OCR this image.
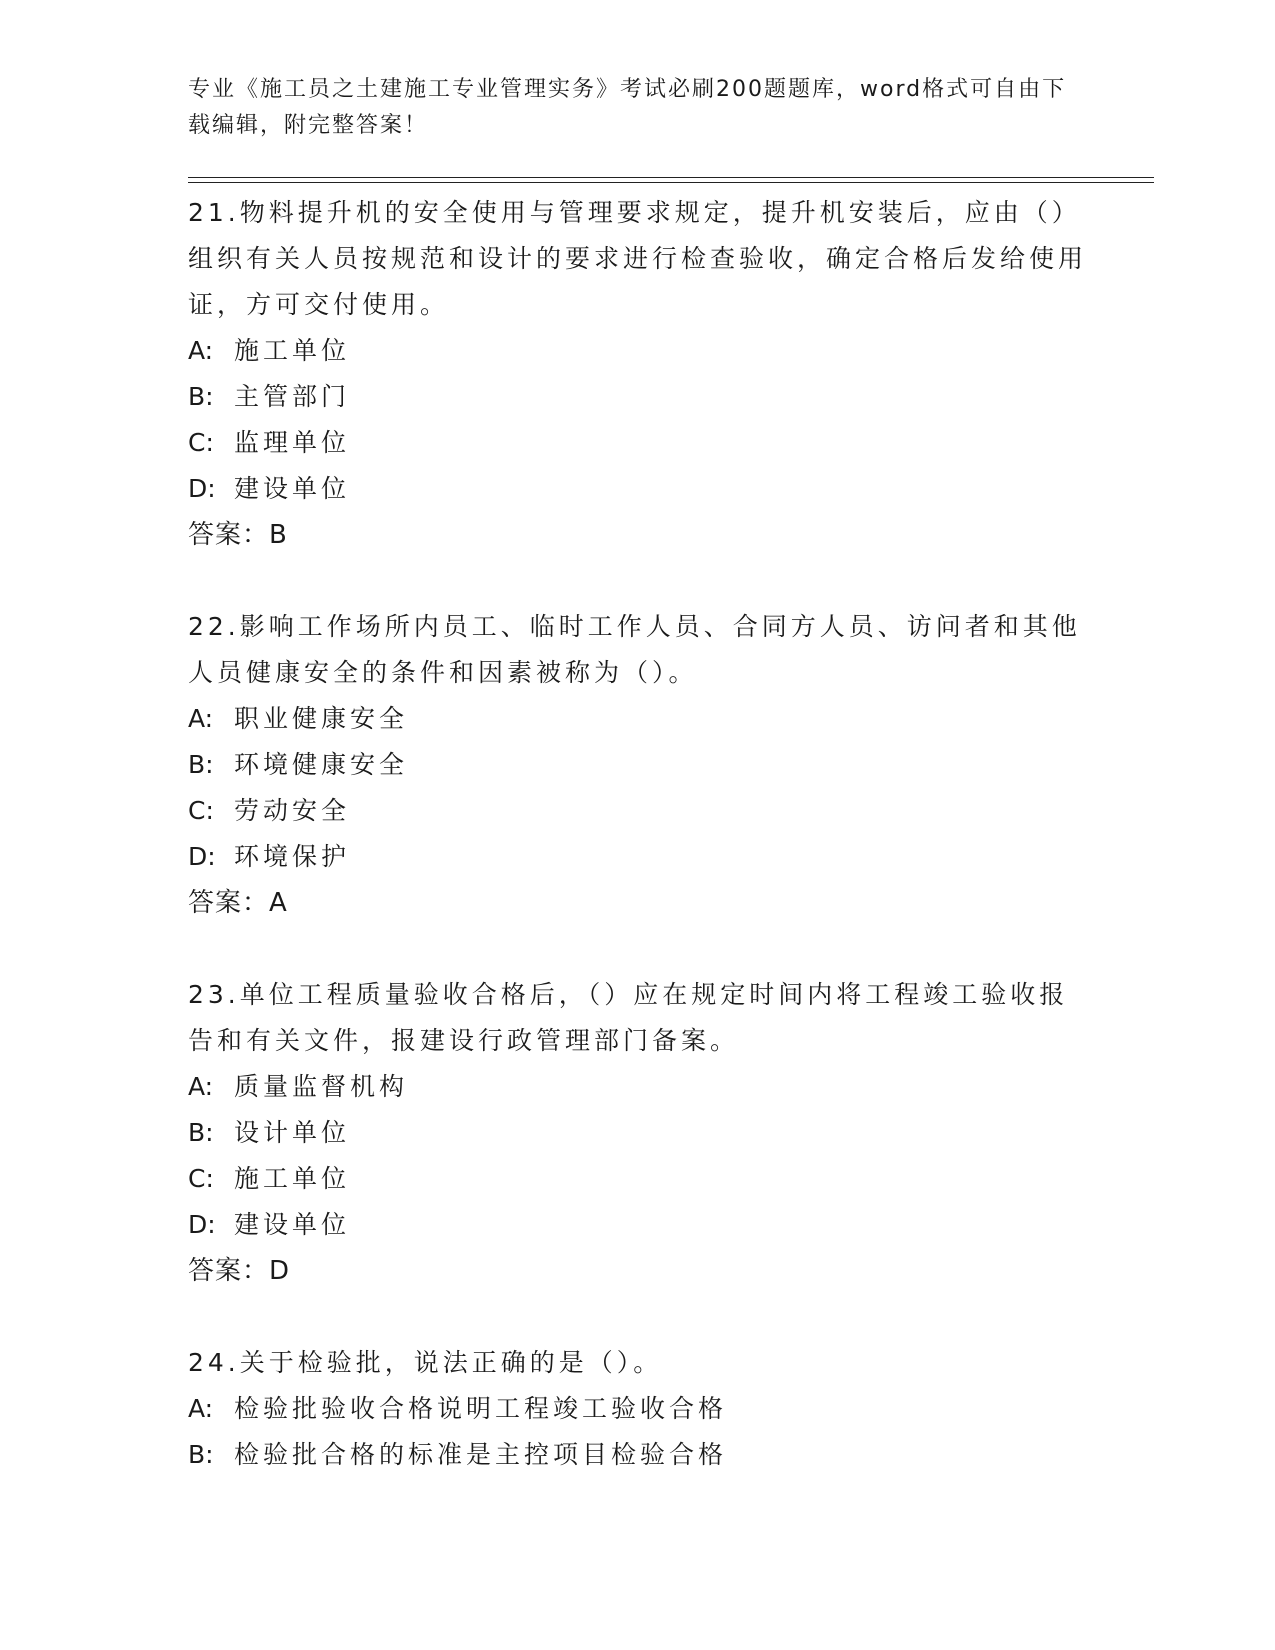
专业《施工员之土建施工专业管理实务》考试必刷200题题库，word格式可自由下载编辑，附完整答案！
21.物料提升机的安全使用与管理要求规定，提升机安装后，应由（）组织有关人员按规范和设计的要求进行检查验收，确定合格后发给使用证，方可交付使用。
A: 施工单位
B: 主管部门
C: 监理单位
D: 建设单位
答案：B
22.影响工作场所内员工、临时工作人员、合同方人员、访问者和其他人员健康安全的条件和因素被称为（）。
A: 职业健康安全
B: 环境健康安全
C: 劳动安全
D: 环境保护
答案：A
23.单位工程质量验收合格后，（）应在规定时间内将工程竣工验收报告和有关文件，报建设行政管理部门备案。
A: 质量监督机构
B: 设计单位
C: 施工单位
D: 建设单位
答案：D
24.关于检验批，说法正确的是（）。
A: 检验批验收合格说明工程竣工验收合格
B: 检验批合格的标准是主控项目检验合格
